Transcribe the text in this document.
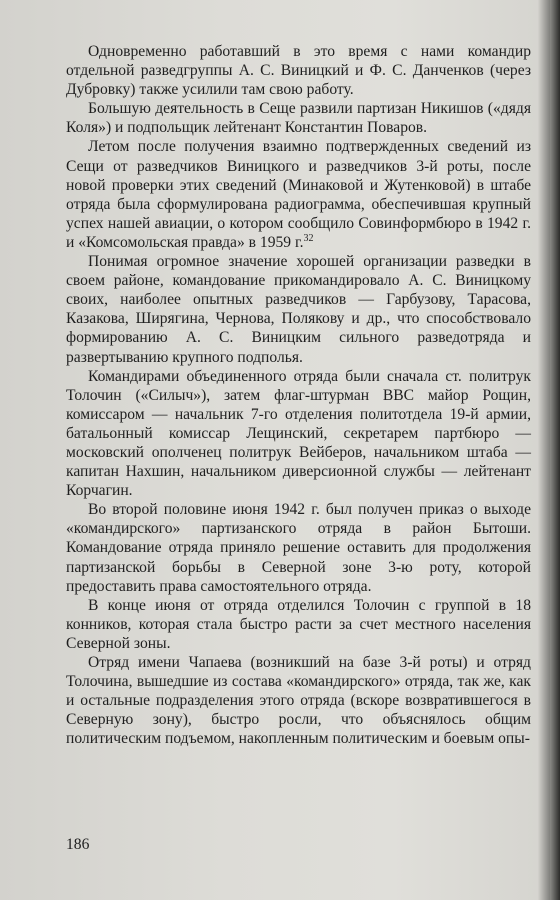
Одновременно работавший в это время с нами командир отдельной разведгруппы А. С. Виницкий и Ф. С. Данченков (через Дубровку) также усилили там свою работу.

Большую деятельность в Сеще развили партизан Никишов («дядя Коля») и подпольщик лейтенант Константин Поваров.

Летом после получения взаимно подтвержденных сведений из Сещи от разведчиков Виницкого и разведчиков 3-й роты, после новой проверки этих сведений (Минаковой и Жутенковой) в штабе отряда была сформулирована радиограмма, обеспечившая крупный успех нашей авиации, о котором сообщило Совинформбюро в 1942 г. и «Комсомольская правда» в 1959 г.$^{32}$

Понимая огромное значение хорошей организации разведки в своем районе, командование прикомандировало А. С. Виницкому своих, наиболее опытных разведчиков — Гарбузову, Тарасова, Казакова, Ширягина, Чернова, Полякову и др., что способствовало формированию А. С. Виницким сильного разведотряда и развертыванию крупного подполья.

Командирами объединенного отряда были сначала ст. политрук Толочин («Силыч»), затем флаг-штурман ВВС майор Рощин, комиссаром — начальник 7-го отделения политотдела 19-й армии, батальонный комиссар Лещинский, секретарем партбюро — московский ополченец политрук Вейберов, начальником штаба — капитан Нахшин, начальником диверсионной службы — лейтенант Корчагин.

Во второй половине июня 1942 г. был получен приказ о выходе «командирского» партизанского отряда в район Бытоши. Командование отряда приняло решение оставить для продолжения партизанской борьбы в Северной зоне 3-ю роту, которой предоставить права самостоятельного отряда.

В конце июня от отряда отделился Толочин с группой в 18 конников, которая стала быстро расти за счет местного населения Северной зоны.

Отряд имени Чапаева (возникший на базе 3-й роты) и отряд Толочина, вышедшие из состава «командирского» отряда, так же, как и остальные подразделения этого отряда (вскоре возвратившегося в Северную зону), быстро росли, что объяснялось общим политическим подъемом, накопленным политическим и боевым опы-

186
